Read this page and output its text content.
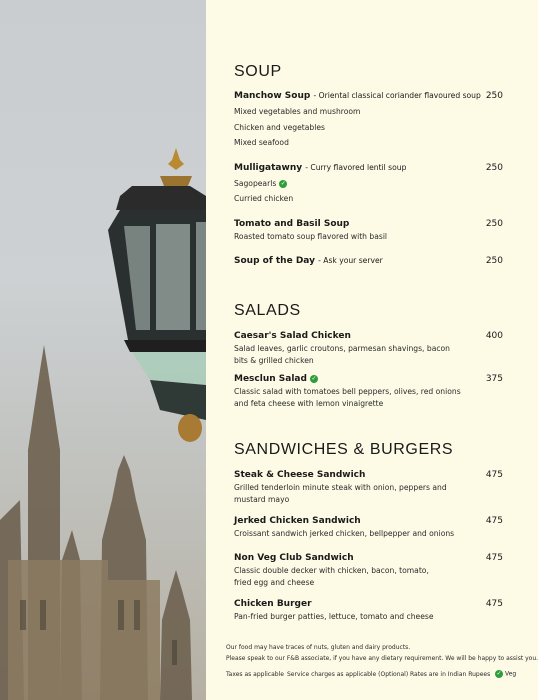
SOUP
Manchow Soup - Oriental classical coriander flavoured soup 250
Mixed vegetables and mushroom
Chicken and vegetables
Mixed seafood
Mulligatawny - Curry flavored lentil soup	250
Sagopearls ✓
Curried chicken
Tomato and Basil Soup	250
Roasted tomato soup flavored with basil
Soup of the Day - Ask your server	250
SALADS
Caesar's Salad Chicken	400
Salad leaves, garlic croutons, parmesan shavings, bacon
bits & grilled chicken
Mesclun Salad ✓	375
Classic salad with tomatoes bell peppers, olives, red onions
and feta cheese with lemon vinaigrette
SANDWICHES & BURGERS
Steak & Cheese Sandwich	475
Grilled tenderloin minute steak with onion, peppers and
mustard mayo
Jerked Chicken Sandwich	475
Croissant sandwich jerked chicken, bellpepper and onions
Non Veg Club Sandwich	475
Classic double decker with chicken, bacon, tomato,
fried egg and cheese
Chicken Burger	475
Pan-fried burger patties, lettuce, tomato and cheese
Our food may have traces of nuts, gluten and dairy products.
Please speak to our F&B associate, if you have any dietary requirement. We will be happy to assist you.
Taxes as applicable Service charges as applicable (Optional) Rates are in Indian Rupees ✓ Veg
